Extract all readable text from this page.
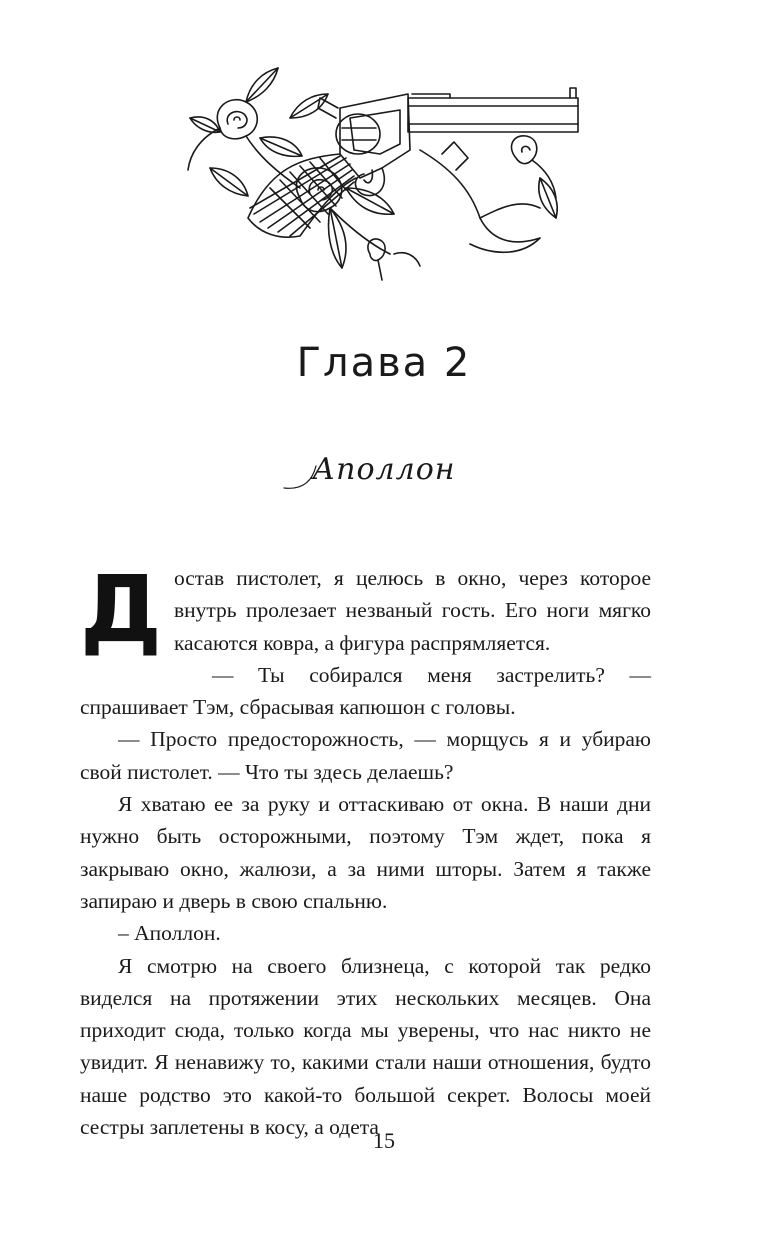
Глава 2
Аполлон

Достав пистолет, я целюсь в окно, через которое внутрь пролезает незваный гость. Его ноги мягко касаются ковра, а фигура распрямляется.

— Ты собирался меня застрелить? — спрашивает Тэм, сбрасывая капюшон с головы.

— Просто предосторожность, — морщусь я и убираю свой пистолет. — Что ты здесь делаешь?

Я хватаю ее за руку и оттаскиваю от окна. В наши дни нужно быть осторожными, поэтому Тэм ждет, пока я закрываю окно, жалюзи, а за ними шторы. Затем я также запираю и дверь в свою спальню.

– Аполлон.

Я смотрю на своего близнеца, с которой так редко виделся на протяжении этих нескольких месяцев. Она приходит сюда, только когда мы уверены, что нас никто не увидит. Я ненавижу то, какими стали наши отношения, будто наше родство это какой-то большой секрет. Волосы моей сестры заплетены в косу, а одета

15
